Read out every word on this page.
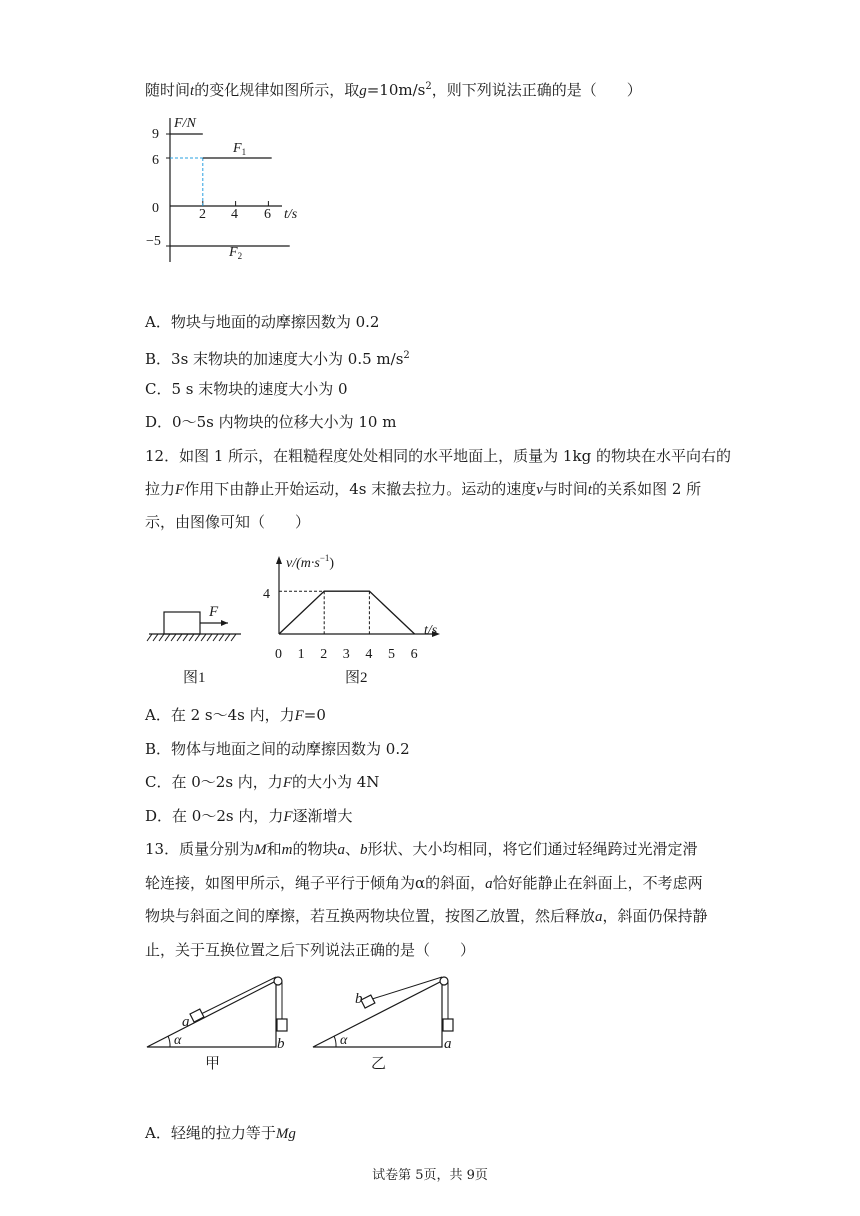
随时间t的变化规律如图所示，取$g=10m/s^2$，则下列说法正确的是（　　）
F/N
t/s
9
6
0
−5
2 4 6
$F_1$
$F_2$
A．物块与地面的动摩擦因数为 0.2
B．3s 末物块的加速度大小为 0.5 $m/s^2$
C．5 s 末物块的速度大小为 0
D．0～5s 内物块的位移大小为 10 m
12．如图 1 所示，在粗糙程度处处相同的水平地面上，质量为 1kg 的物块在水平向右的
拉力F作用下由静止开始运动，4s 末撤去拉力。运动的速度v与时间t的关系如图 2 所
示，由图像可知（　　）
F
图1
$v/(m\cdot s^{-1})$
t/s
4
0 1 2 3 4 5 6
图2
A．在 2 s～4s 内，力F=0
B．物体与地面之间的动摩擦因数为 0.2
C．在 0～2s 内，力F的大小为 4N
D．在 0～2s 内，力F逐渐增大
13．质量分别为M和m的物块a、b形状、大小均相同，将它们通过轻绳跨过光滑定滑
轮连接，如图甲所示，绳子平行于倾角为α的斜面，a恰好能静止在斜面上，不考虑两
物块与斜面之间的摩擦，若互换两物块位置，按图乙放置，然后释放a，斜面仍保持静
止，关于互换位置之后下列说法正确的是（　　）
α
a
b
甲
α
b
a
乙
A．轻绳的拉力等于Mg
试卷第 5页，共 9页
